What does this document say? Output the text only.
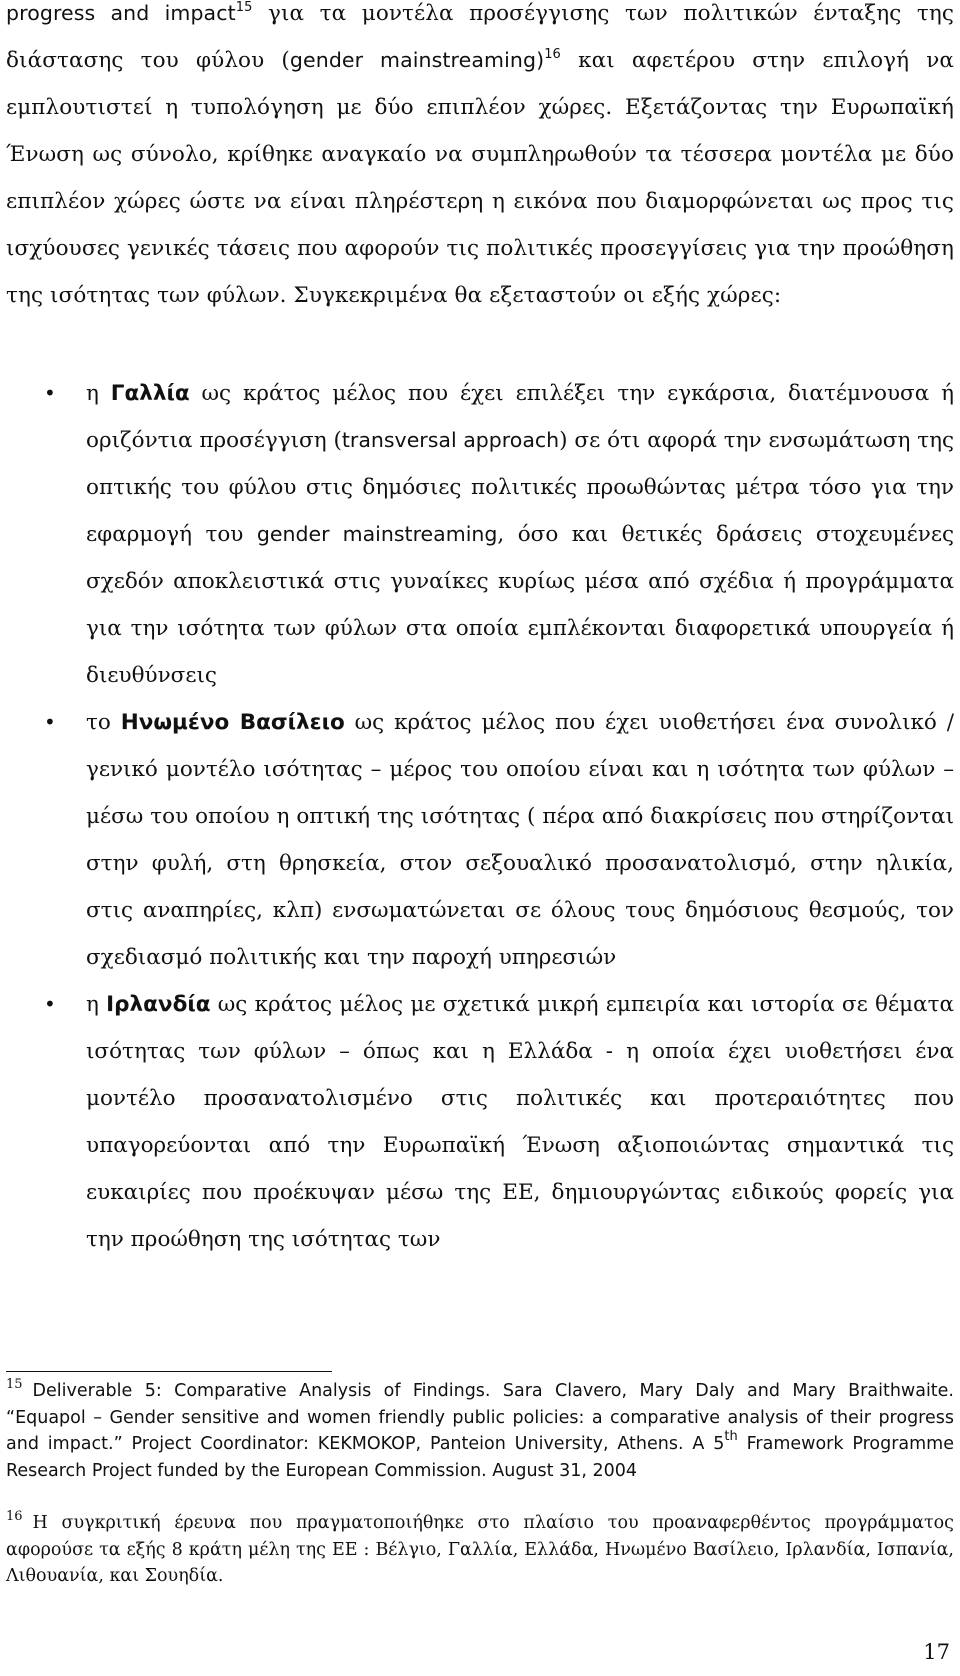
progress and impact$^{15}$ για τα μοντέλα προσέγγισης των πολιτικών ένταξης της διάστασης του φύλου (gender mainstreaming)$^{16}$ και αφετέρου στην επιλογή να εμπλουτιστεί η τυπολόγηση με δύο επιπλέον χώρες. Εξετάζοντας την Ευρωπαϊκή Ένωση ως σύνολο, κρίθηκε αναγκαίο να συμπληρωθούν τα τέσσερα μοντέλα με δύο επιπλέον χώρες ώστε να είναι πληρέστερη η εικόνα που διαμορφώνεται ως προς τις ισχύουσες γενικές τάσεις που αφορούν τις πολιτικές προσεγγίσεις για την προώθηση της ισότητας των φύλων. Συγκεκριμένα θα εξεταστούν οι εξής χώρες:

• η Γαλλία ως κράτος μέλος που έχει επιλέξει την εγκάρσια, διατέμνουσα ή οριζόντια προσέγγιση (transversal approach) σε ότι αφορά την ενσωμάτωση της οπτικής του φύλου στις δημόσιες πολιτικές προωθώντας μέτρα τόσο για την εφαρμογή του gender mainstreaming, όσο και θετικές δράσεις στοχευμένες σχεδόν αποκλειστικά στις γυναίκες κυρίως μέσα από σχέδια ή προγράμματα για την ισότητα των φύλων στα οποία εμπλέκονται διαφορετικά υπουργεία ή διευθύνσεις
• το Ηνωμένο Βασίλειο ως κράτος μέλος που έχει υιοθετήσει ένα συνολικό / γενικό μοντέλο ισότητας – μέρος του οποίου είναι και η ισότητα των φύλων – μέσω του οποίου η οπτική της ισότητας ( πέρα από διακρίσεις που στηρίζονται στην φυλή, στη θρησκεία, στον σεξουαλικό προσανατολισμό, στην ηλικία, στις αναπηρίες, κλπ) ενσωματώνεται σε όλους τους δημόσιους θεσμούς, τον σχεδιασμό πολιτικής και την παροχή υπηρεσιών
• η Ιρλανδία ως κράτος μέλος με σχετικά μικρή εμπειρία και ιστορία σε θέματα ισότητας των φύλων – όπως και η Ελλάδα - η οποία έχει υιοθετήσει ένα μοντέλο προσανατολισμένο στις πολιτικές και προτεραιότητες που υπαγορεύονται από την Ευρωπαϊκή Ένωση αξιοποιώντας σημαντικά τις ευκαιρίες που προέκυψαν μέσω της ΕΕ, δημιουργώντας ειδικούς φορείς για την προώθηση της ισότητας των

$^{15}$ Deliverable 5: Comparative Analysis of Findings. Sara Clavero, Mary Daly and Mary Braithwaite. “Equapol – Gender sensitive and women friendly public policies: a comparative analysis of their progress and impact.” Project Coordinator: KEKMOKOP, Panteion University, Athens. A 5th Framework Programme Research Project funded by the European Commission. August 31, 2004

$^{16}$ Η συγκριτική έρευνα που πραγματοποιήθηκε στο πλαίσιο του προαναφερθέντος προγράμματος αφορούσε τα εξής 8 κράτη μέλη της ΕΕ : Βέλγιο, Γαλλία, Ελλάδα, Ηνωμένο Βασίλειο, Ιρλανδία, Ισπανία, Λιθουανία, και Σουηδία.

17
